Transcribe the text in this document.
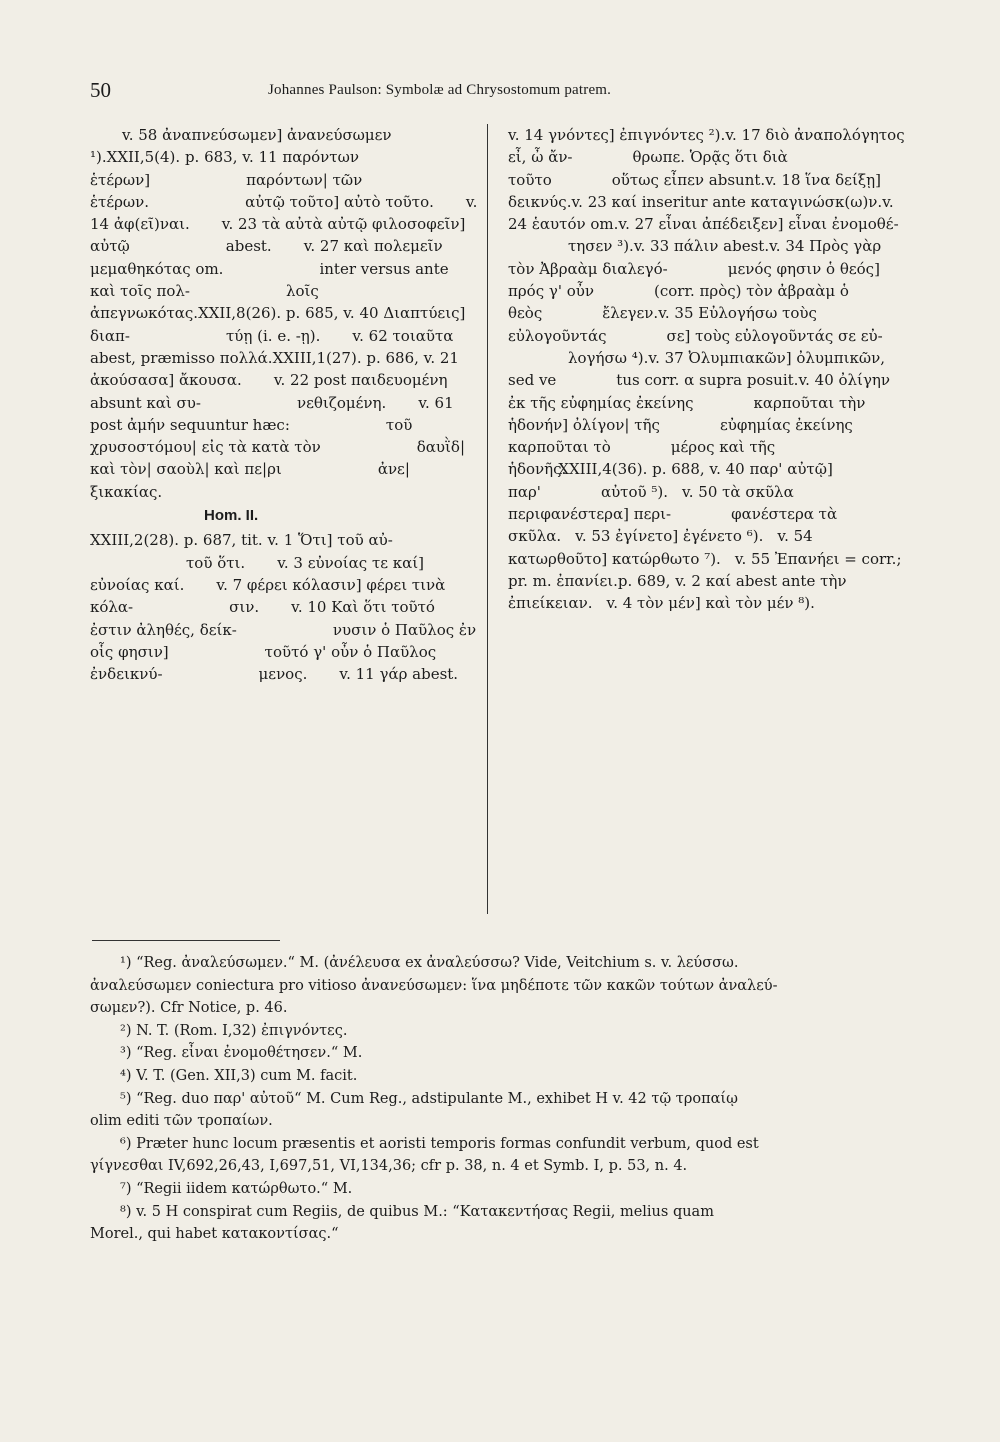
50	Johannes Paulson: Symbolæ ad Chrysostomum patrem.
v. 58 ἀναπνεύσωμεν] ἀνανεύσωμεν ¹).XXII,5(4). p. 683, v. 11 παρόντων ἑτέρων]	παρόντων| τῶν ἑτέρων.	αὐτῷ τοῦτο] αὐτὸ τοῦτο. v. 14 ἀφ(εῖ)ναι. v. 23 τὰ αὐτὰ αὐτῷ φιλοσοφεῖν] αὐτῷ	abest. v. 27 καὶ πολεμεῖν μεμαθηκότας om.	inter versus ante καὶ τοῖς πολ-	λοῖς ἀπεγνωκότας.XXII,8(26). p. 685, v. 40 Διαπτύεις] διαπ-	τύῃ (i. e. -ῃ). v. 62 τοιαῦτα abest, præmisso πολλά.XXIII,1(27). p. 686, v. 21 ἀκούσασα] ἄκουσα. v. 22 post παιδευομένη absunt καὶ συ-	νεθιζομένη. v. 61 post ἀμήν sequuntur hæc:	τοῦ χρυσοστόμου| εἰς τὰ κατὰ τὸν	δαυῒδ| καὶ τὸν| σαοὺλ| καὶ πε|ρι	ἀνε|ξικακίας.
Hom. II.
XXIII,2(28). p. 687, tit. v. 1 Ὅτι] τοῦ αὐ-τοῦ ὅτι. v. 3 εὐνοίας τε καί] εὐνοίας καί. v. 7 φέρει κόλασιν] φέρει τινὰ κόλα-	σιν. v. 10 Καὶ ὅτι τοῦτό ἐστιν ἀληθές, δείκ-	νυσιν ὁ Παῦλος ἐν οἷς φησιν]	τοῦτό γ' οὖν ὁ Παῦλος ἐνδεικνύ-	μενος. v. 11 γάρ abest.
v. 14 γνόντες] ἐπιγνόντες ²).v. 17 διὸ ἀναπολόγητος εἶ, ὦ ἄν-	θρωπε. Ὁρᾷς ὅτι διὰ τοῦτο	οὕτως εἶπεν absunt.v. 18 ἵνα δείξῃ] δεικνύς.v. 23 καί inseritur ante καταγινώσκ(ω)ν.v. 24 ἑαυτόν om.v. 27 εἶναι ἀπέδειξεν] εἶναι ἐνομοθέ-τησεν ³).v. 33 πάλιν abest.v. 34 Πρὸς γὰρ τὸν Ἀβραὰμ διαλεγό-	μενός φησιν ὁ θεός] πρός γ' οὖν	(corr. πρὸς) τὸν ἀβραὰμ ὁ θεὸς	ἔλεγεν.v. 35 Εὐλογήσω τοὺς εὐλογοῦντάς	σε] τοὺς εὐλογοῦντάς σε εὐ-λογήσω ⁴).v. 37 Ὀλυμπιακῶν] ὀλυμπικῶν, sed ve	tus corr. α supra posuit.v. 40 ὀλίγην ἐκ τῆς εὐφημίας ἐκείνης	καρποῦται τὴν ἡδονήν] ὀλίγον| τῆς	εὐφημίας ἐκείνης καρποῦται τὸ	μέρος καὶ τῆς ἡδονῆς.XXIII,4(36). p. 688, v. 40 παρ' αὐτῷ] παρ'	αὐτοῦ ⁵). v. 50 τὰ σκῦλα περιφανέστερα] περι-	φανέστερα τὰ σκῦλα. v. 53 ἐγίνετο] ἐγένετο ⁶). v. 54 κατωρθοῦτο] κατώρθωτο ⁷). v. 55 Ἐπανήει = corr.; pr. m. ἐπανίει.p. 689, v. 2 καί abest ante τὴν ἐπιείκειαν. v. 4 τὸν μέν] καὶ τὸν μέν ⁸).
¹) “Reg. ἀναλεύσωμεν.“ M. (ἀνέλευσα ex ἀναλεύσσω? Vide, Veitchium s. v. λεύσσω.
ἀναλεύσωμεν coniectura pro vitioso ἀνανεύσωμεν: ἵνα μηδέποτε τῶν κακῶν τούτων ἀναλεύ-
σωμεν?). Cfr Notice, p. 46.
²) N. T. (Rom. I,32) ἐπιγνόντες.
³) “Reg. εἶναι ἐνομοθέτησεν.“ M.
⁴) V. T. (Gen. XII,3) cum M. facit.
⁵) “Reg. duo παρ' αὐτοῦ“ M. Cum Reg., adstipulante M., exhibet H v. 42 τῷ τροπαίῳ
olim editi τῶν τροπαίων.
⁶) Præter hunc locum præsentis et aoristi temporis formas confundit verbum, quod est
γίγνεσθαι IV,692,26,43, I,697,51, VI,134,36; cfr p. 38, n. 4 et Symb. I, p. 53, n. 4.
⁷) “Regii iidem κατώρθωτο.“ M.
⁸) v. 5 H conspirat cum Regiis, de quibus M.: “Κατακεντήσας Regii, melius quam
Morel., qui habet κατακοντίσας.“
